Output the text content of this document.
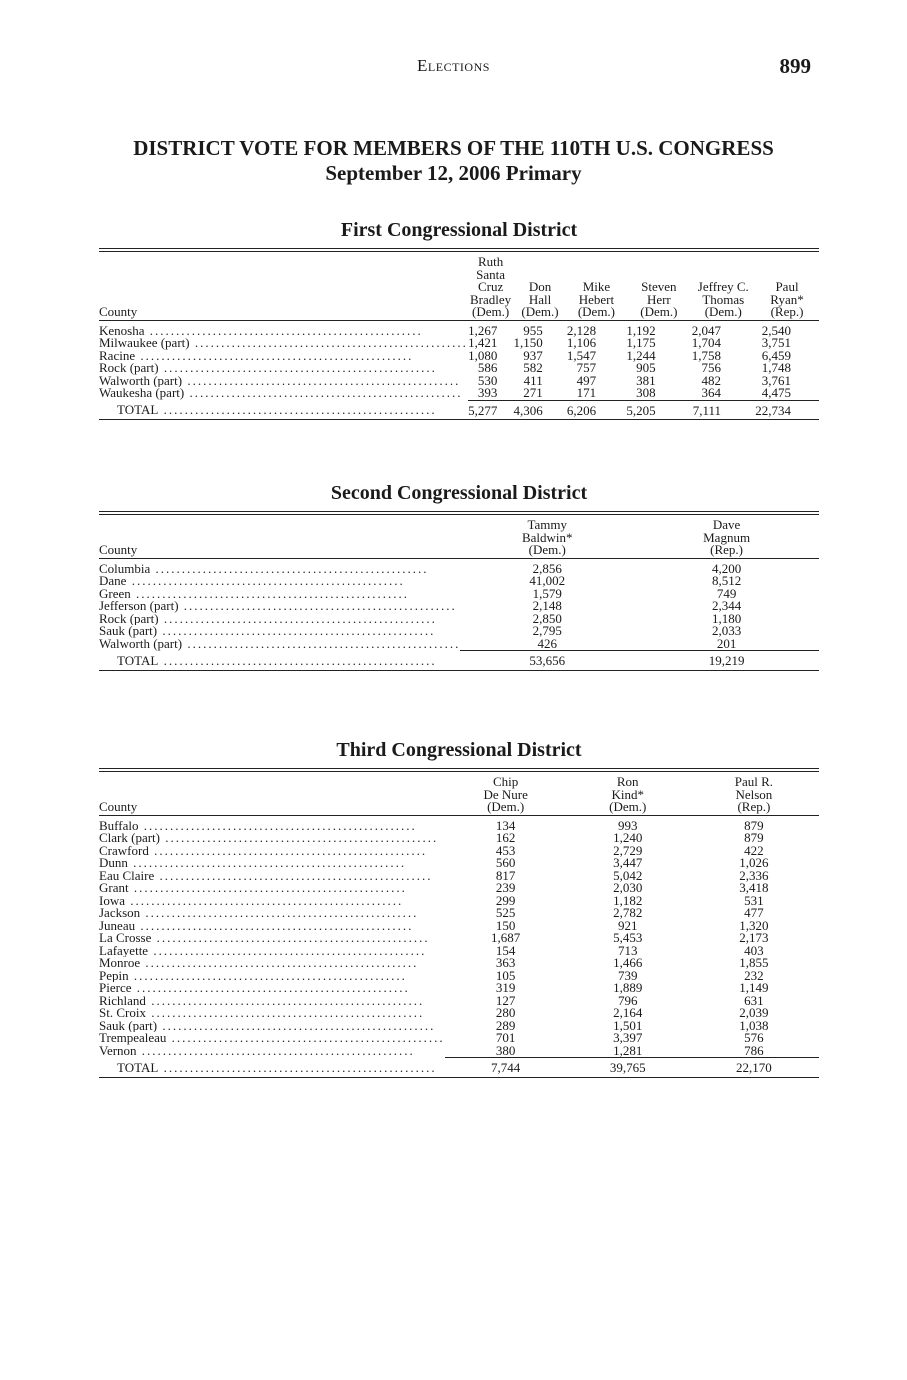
Elections	899
DISTRICT VOTE FOR MEMBERS OF THE 110TH U.S. CONGRESS
September 12, 2006 Primary
First Congressional District
County	Ruth
Santa Cruz
Bradley
(Dem.)	Don
Hall
(Dem.)	Mike
Hebert
(Dem.)	Steven
Herr
(Dem.)	Jeffrey C.
Thomas
(Dem.)	Paul
Ryan*
(Rep.)

Kenosha ....................................................	1,267	955	2,128	1,192	2,047	2,540
Milwaukee (part) ....................................................	1,421	1,150	1,106	1,175	1,704	3,751
Racine ....................................................	1,080	937	1,547	1,244	1,758	6,459
Rock (part) ....................................................	586	582	757	905	756	1,748
Walworth (part) ....................................................	530	411	497	381	482	3,761
Waukesha (part) ....................................................	393	271	171	308	364	4,475
TOTAL ....................................................	5,277	4,306	6,206	5,205	7,111	22,734
Second Congressional District
County	Tammy
Baldwin*
(Dem.)	Dave
Magnum
(Rep.)

Columbia ....................................................	2,856	4,200
Dane ....................................................	41,002	8,512
Green ....................................................	1,579	749
Jefferson (part) ....................................................	2,148	2,344
Rock (part) ....................................................	2,850	1,180
Sauk (part) ....................................................	2,795	2,033
Walworth (part) ....................................................	426	201
TOTAL ....................................................	53,656	19,219
Third Congressional District
County	Chip
De Nure
(Dem.)	Ron
Kind*
(Dem.)	Paul R.
Nelson
(Rep.)

Buffalo ....................................................	134	993	879
Clark (part) ....................................................	162	1,240	879
Crawford ....................................................	453	2,729	422
Dunn ....................................................	560	3,447	1,026
Eau Claire ....................................................	817	5,042	2,336
Grant ....................................................	239	2,030	3,418
Iowa ....................................................	299	1,182	531
Jackson ....................................................	525	2,782	477
Juneau ....................................................	150	921	1,320
La Crosse ....................................................	1,687	5,453	2,173
Lafayette ....................................................	154	713	403
Monroe ....................................................	363	1,466	1,855
Pepin ....................................................	105	739	232
Pierce ....................................................	319	1,889	1,149
Richland ....................................................	127	796	631
St. Croix ....................................................	280	2,164	2,039
Sauk (part) ....................................................	289	1,501	1,038
Trempealeau ....................................................	701	3,397	576
Vernon ....................................................	380	1,281	786
TOTAL ....................................................	7,744	39,765	22,170
